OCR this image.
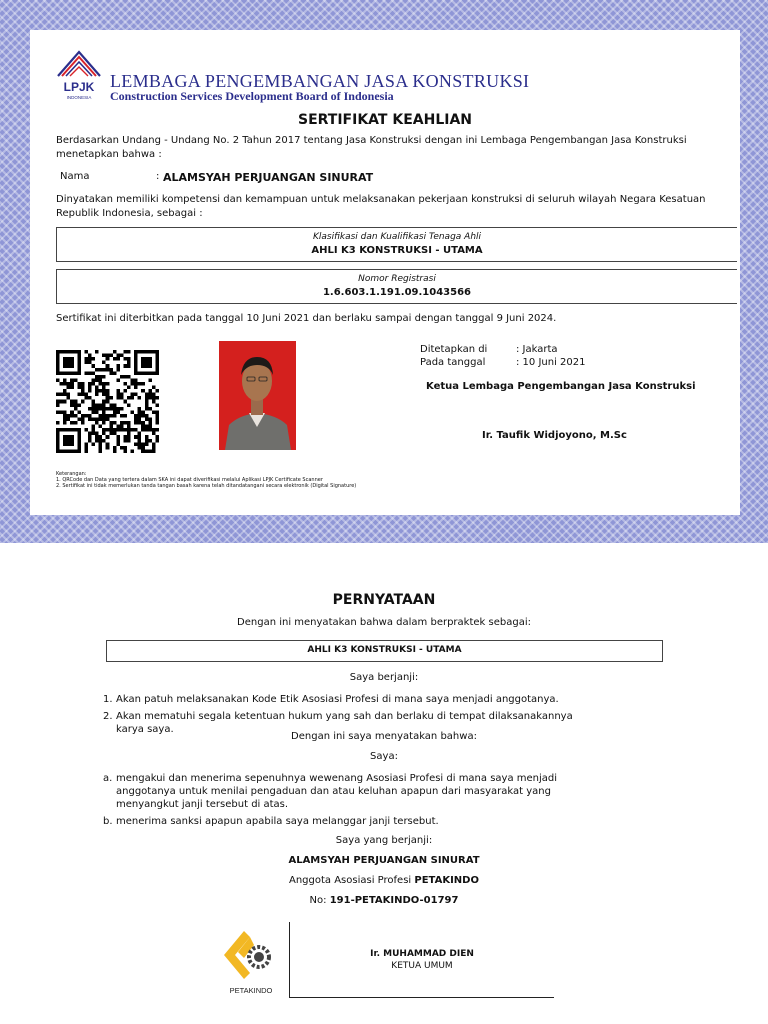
LPJK
INDONESIA
LEMBAGA PENGEMBANGAN JASA KONSTRUKSI
Construction Services Development Board of Indonesia
SERTIFIKAT KEAHLIAN
Berdasarkan Undang - Undang No. 2 Tahun 2017 tentang Jasa Konstruksi dengan ini Lembaga Pengembangan Jasa Konstruksi menetapkan bahwa :
Nama	: ALAMSYAH PERJUANGAN SINURAT
Dinyatakan memiliki kompetensi dan kemampuan untuk melaksanakan pekerjaan konstruksi di seluruh wilayah Negara Kesatuan Republik Indonesia, sebagai :
Klasifikasi dan Kualifikasi Tenaga Ahli
AHLI K3 KONSTRUKSI - UTAMA
Nomor Registrasi
1.6.603.1.191.09.1043566
Sertifikat ini diterbitkan pada tanggal 10 Juni 2021 dan berlaku sampai dengan tanggal 9 Juni 2024.
Ditetapkan di	: Jakarta
Pada tanggal	: 10 Juni 2021
Ketua Lembaga Pengembangan Jasa Konstruksi
Ir. Taufik Widjoyono, M.Sc
Keterangan:
1. QRCode dan Data yang tertera dalam SKA ini dapat diverifikasi melalui Aplikasi LPJK Certificate Scanner
2. Sertifikat ini tidak memerlukan tanda tangan basah karena telah ditandatangani secara elektronik (Digital Signature)
PERNYATAAN
Dengan ini menyatakan bahwa dalam berpraktek sebagai:
AHLI K3 KONSTRUKSI - UTAMA
Saya berjanji:
1. Akan patuh melaksanakan Kode Etik Asosiasi Profesi di mana saya menjadi anggotanya.
2. Akan mematuhi segala ketentuan hukum yang sah dan berlaku di tempat dilaksanakannya karya saya.
Dengan ini saya menyatakan bahwa:
Saya:
a. mengakui dan menerima sepenuhnya wewenang Asosiasi Profesi di mana saya menjadi anggotanya untuk menilai pengaduan dan atau keluhan apapun dari masyarakat yang menyangkut janji tersebut di atas.
b. menerima sanksi apapun apabila saya melanggar janji tersebut.
Saya yang berjanji:
ALAMSYAH PERJUANGAN SINURAT
Anggota Asosiasi Profesi PETAKINDO
No: 191-PETAKINDO-01797
PETAKINDO
Ir. MUHAMMAD DIEN
KETUA UMUM
